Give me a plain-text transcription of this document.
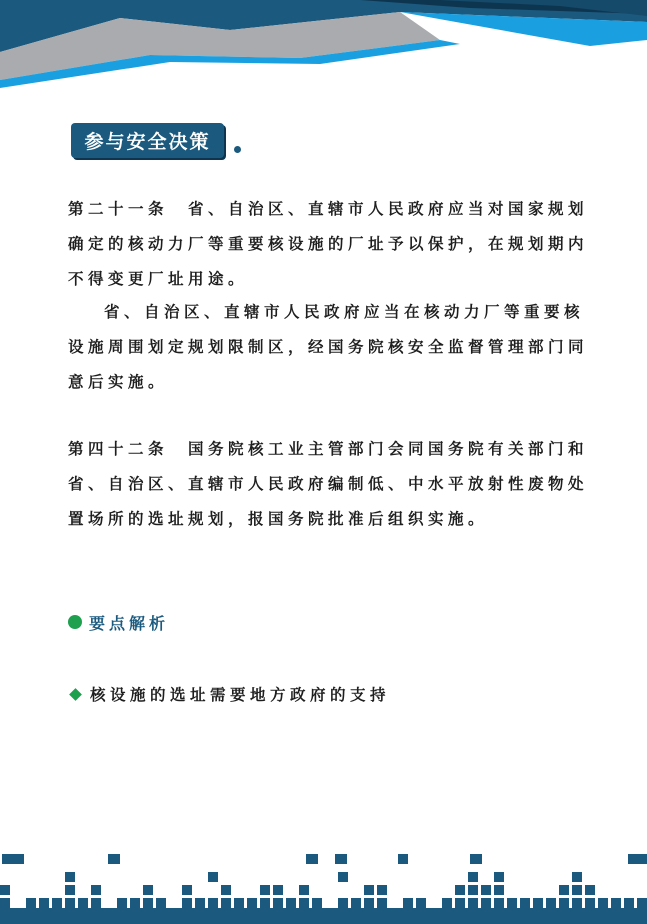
参与安全决策

第二十一条　省、自治区、直辖市人民政府应当对国家规划确定的核动力厂等重要核设施的厂址予以保护，在规划期内不得变更厂址用途。

省、自治区、直辖市人民政府应当在核动力厂等重要核设施周围划定规划限制区，经国务院核安全监督管理部门同意后实施。

第四十二条　国务院核工业主管部门会同国务院有关部门和省、自治区、直辖市人民政府编制低、中水平放射性废物处置场所的选址规划，报国务院批准后组织实施。

要点解析
核设施的选址需要地方政府的支持
